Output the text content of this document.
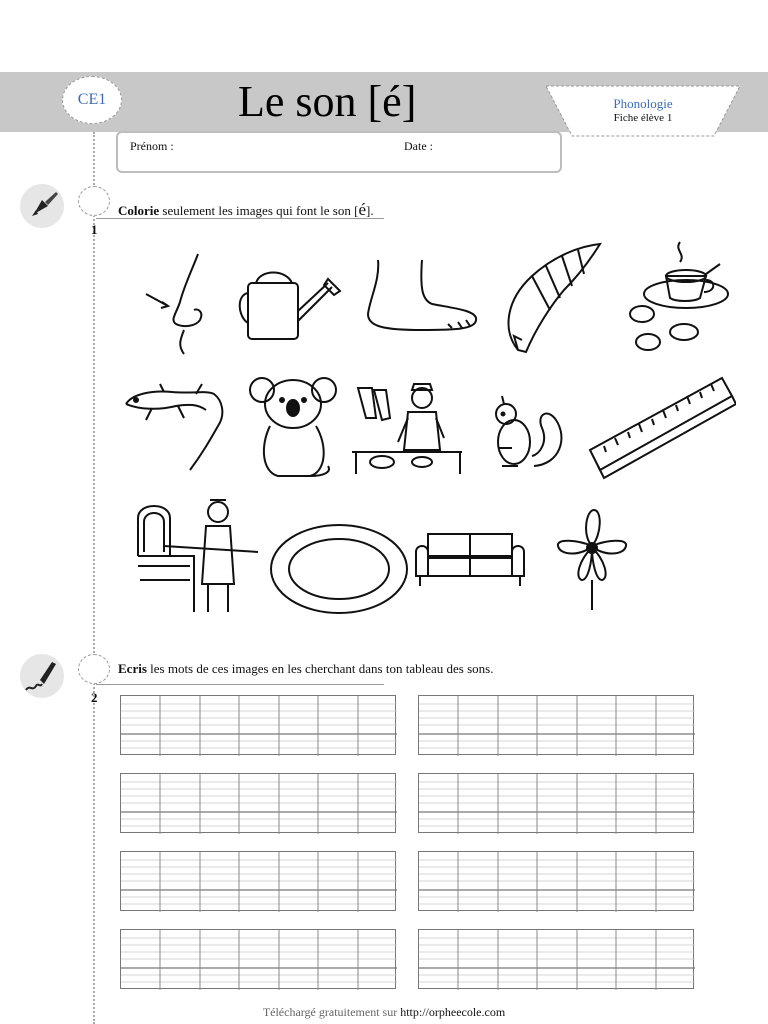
CE1	Le son [é]	Phonologie
Fiche élève 1
Prénom :	Date :
1
Colorie seulement les images qui font le son [é].
2
Ecris les mots de ces images en les cherchant dans ton tableau des sons.
Téléchargé gratuitement sur http://orpheecole.com
